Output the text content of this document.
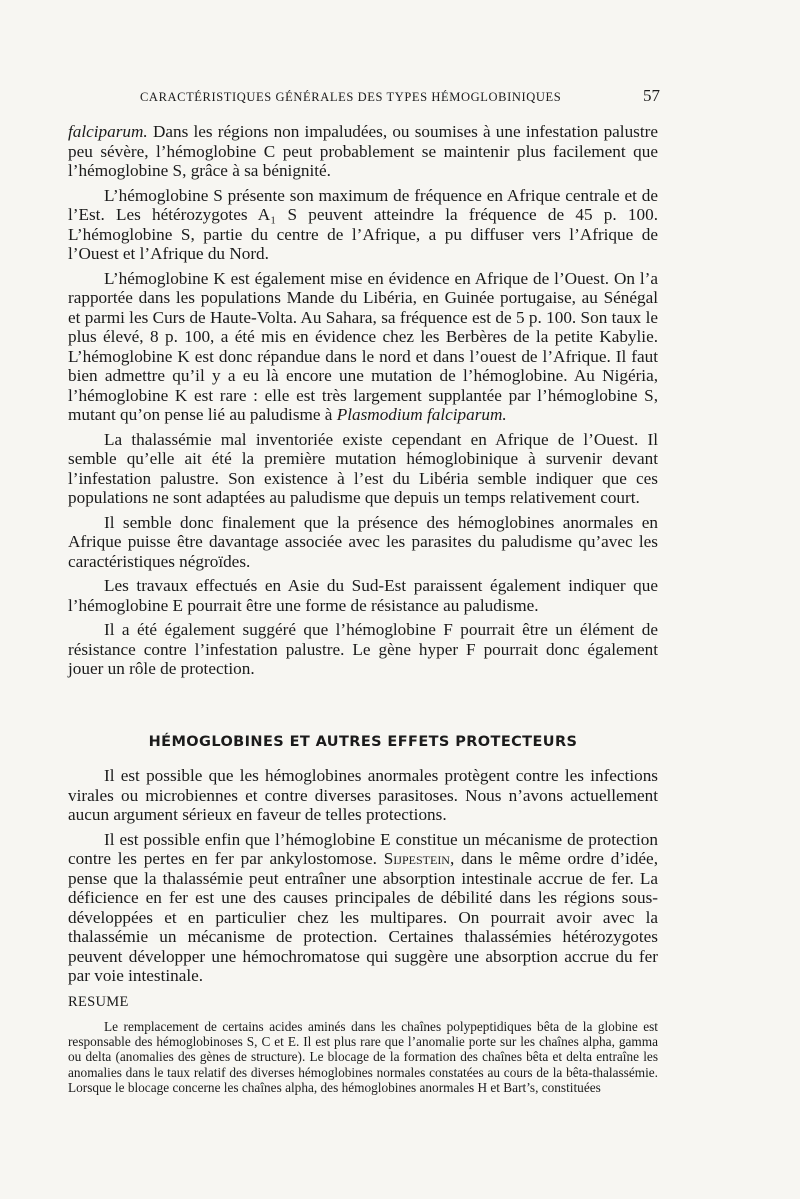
CARACTÉRISTIQUES GÉNÉRALES DES TYPES HÉMOGLOBINIQUES	57

falciparum. Dans les régions non impaludées, ou soumises à une infestation palustre peu sévère, l’hémoglobine C peut probablement se maintenir plus facilement que l’hémoglobine S, grâce à sa bénignité.

L’hémoglobine S présente son maximum de fréquence en Afrique centrale et de l’Est. Les hétérozygotes A₁ S peuvent atteindre la fréquence de 45 p. 100. L’hémoglobine S, partie du centre de l’Afrique, a pu diffuser vers l’Afrique de l’Ouest et l’Afrique du Nord.

L’hémoglobine K est également mise en évidence en Afrique de l’Ouest. On l’a rapportée dans les populations Mande du Libéria, en Guinée portugaise, au Sénégal et parmi les Curs de Haute-Volta. Au Sahara, sa fréquence est de 5 p. 100. Son taux le plus élevé, 8 p. 100, a été mis en évidence chez les Berbères de la petite Kabylie. L’hémoglobine K est donc répandue dans le nord et dans l’ouest de l’Afrique. Il faut bien admettre qu’il y a eu là encore une mutation de l’hémoglobine. Au Nigéria, l’hémoglobine K est rare : elle est très largement supplantée par l’hémoglobine S, mutant qu’on pense lié au paludisme à Plasmodium falciparum.

La thalassémie mal inventoriée existe cependant en Afrique de l’Ouest. Il semble qu’elle ait été la première mutation hémoglobinique à survenir devant l’infestation palustre. Son existence à l’est du Libéria semble indiquer que ces populations ne sont adaptées au paludisme que depuis un temps relativement court.

Il semble donc finalement que la présence des hémoglobines anormales en Afrique puisse être davantage associée avec les parasites du paludisme qu’avec les caractéristiques négroïdes.

Les travaux effectués en Asie du Sud-Est paraissent également indiquer que l’hémoglobine E pourrait être une forme de résistance au paludisme.

Il a été également suggéré que l’hémoglobine F pourrait être un élément de résistance contre l’infestation palustre. Le gène hyper F pourrait donc également jouer un rôle de protection.

HÉMOGLOBINES ET AUTRES EFFETS PROTECTEURS

Il est possible que les hémoglobines anormales protègent contre les infections virales ou microbiennes et contre diverses parasitoses. Nous n’avons actuellement aucun argument sérieux en faveur de telles protections.

Il est possible enfin que l’hémoglobine E constitue un mécanisme de protection contre les pertes en fer par ankylostomose. Sijpestein, dans le même ordre d’idée, pense que la thalassémie peut entraîner une absorption intestinale accrue de fer. La déficience en fer est une des causes principales de débilité dans les régions sous-développées et en particulier chez les multipares. On pourrait avoir avec la thalassémie un mécanisme de protection. Certaines thalassémies hétérozygotes peuvent développer une hémochromatose qui suggère une absorption accrue du fer par voie intestinale.

RESUME

Le remplacement de certains acides aminés dans les chaînes polypeptidiques bêta de la globine est responsable des hémoglobinoses S, C et E. Il est plus rare que l’anomalie porte sur les chaînes alpha, gamma ou delta (anomalies des gènes de structure). Le blocage de la formation des chaînes bêta et delta entraîne les anomalies dans le taux relatif des diverses hémoglobines normales constatées au cours de la bêta-thalassémie. Lorsque le blocage concerne les chaînes alpha, des hémoglobines anormales H et Bart’s, constituées
